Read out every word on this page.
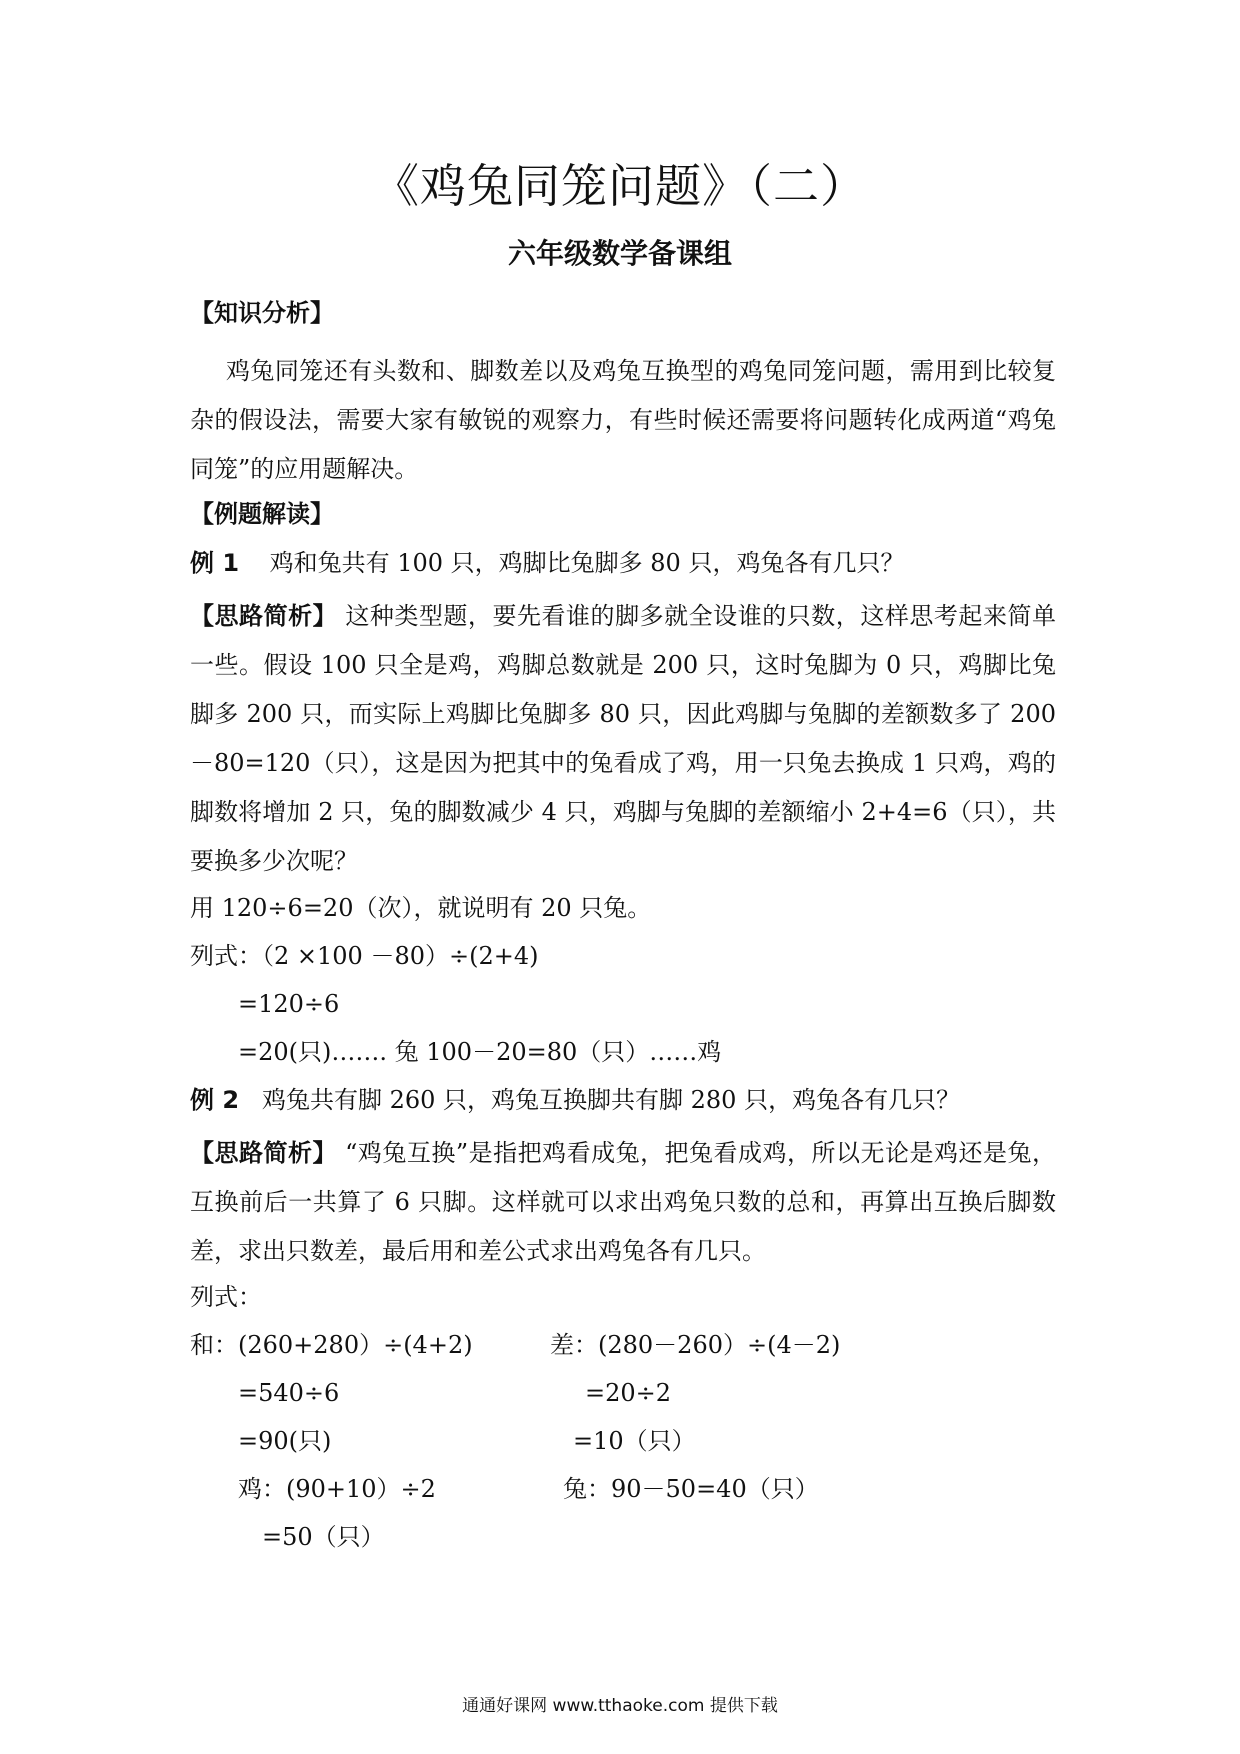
《鸡兔同笼问题》（二）
六年级数学备课组
【知识分析】
鸡兔同笼还有头数和、脚数差以及鸡兔互换型的鸡兔同笼问题，需用到比较复杂的假设法，需要大家有敏锐的观察力，有些时候还需要将问题转化成两道“鸡兔同笼”的应用题解决。
【例题解读】
例 1 鸡和兔共有 100 只，鸡脚比兔脚多 80 只，鸡兔各有几只？
【思路简析】 这种类型题，要先看谁的脚多就全设谁的只数，这样思考起来简单一些。假设 100 只全是鸡，鸡脚总数就是 200 只，这时兔脚为 0 只，鸡脚比兔脚多 200 只，而实际上鸡脚比兔脚多 80 只，因此鸡脚与兔脚的差额数多了 200－80=120（只），这是因为把其中的兔看成了鸡，用一只兔去换成 1 只鸡，鸡的脚数将增加 2 只，兔的脚数减少 4 只，鸡脚与兔脚的差额缩小 2+4=6（只），共要换多少次呢？
用 120÷6=20（次），就说明有 20 只兔。
列式：（2 ×100 －80）÷(2+4)
=120÷6
=20(只)……. 兔 100－20=80（只）……鸡
例 2 鸡兔共有脚 260 只，鸡兔互换脚共有脚 280 只，鸡兔各有几只？
【思路简析】 “鸡兔互换”是指把鸡看成兔，把兔看成鸡，所以无论是鸡还是兔，互换前后一共算了 6 只脚。这样就可以求出鸡兔只数的总和，再算出互换后脚数差，求出只数差，最后用和差公式求出鸡兔各有几只。
列式：
和：(260+280）÷(4+2)
=540÷6
=90(只)
鸡：(90+10）÷2
=50（只）
差：(280－260）÷(4－2)
=20÷2
=10（只）
兔：90－50=40（只）
通通好课网 www.tthaoke.com 提供下载
